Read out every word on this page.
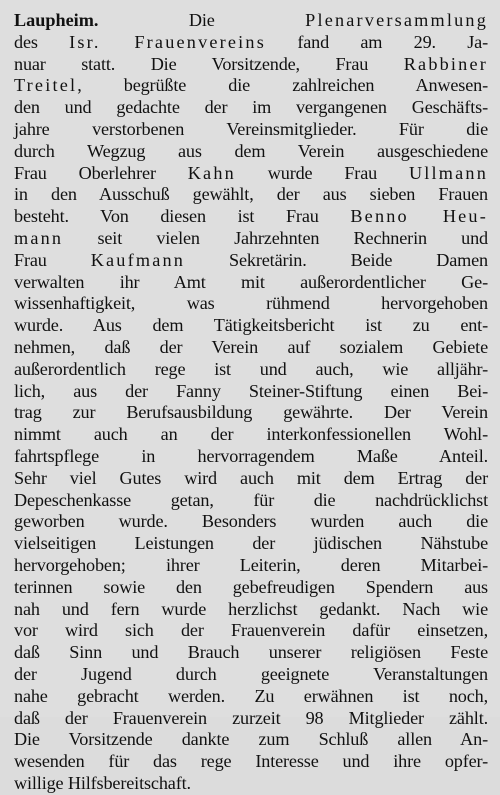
Laupheim. Die Plenarversammlung
des Isr. Frauenvereins fand am 29. Ja-
nuar statt. Die Vorsitzende, Frau Rabbiner
Treitel, begrüßte die zahlreichen Anwesen-
den und gedachte der im vergangenen Geschäfts-
jahre verstorbenen Vereinsmitglieder. Für die
durch Wegzug aus dem Verein ausgeschiedene
Frau Oberlehrer Kahn wurde Frau Ullmann
in den Ausschuß gewählt, der aus sieben Frauen
besteht. Von diesen ist Frau Benno Heu-
mann seit vielen Jahrzehnten Rechnerin und
Frau Kaufmann Sekretärin. Beide Damen
verwalten ihr Amt mit außerordentlicher Ge-
wissenhaftigkeit, was rühmend hervorgehoben
wurde. Aus dem Tätigkeitsbericht ist zu ent-
nehmen, daß der Verein auf sozialem Gebiete
außerordentlich rege ist und auch, wie alljähr-
lich, aus der Fanny Steiner-Stiftung einen Bei-
trag zur Berufsausbildung gewährte. Der Verein
nimmt auch an der interkonfessionellen Wohl-
fahrtspflege in hervorragendem Maße Anteil.
Sehr viel Gutes wird auch mit dem Ertrag der
Depeschenkasse getan, für die nachdrücklichst
geworben wurde. Besonders wurden auch die
vielseitigen Leistungen der jüdischen Nähstube
hervorgehoben; ihrer Leiterin, deren Mitarbei-
terinnen sowie den gebefreudigen Spendern aus
nah und fern wurde herzlichst gedankt. Nach wie
vor wird sich der Frauenverein dafür einsetzen,
daß Sinn und Brauch unserer religiösen Feste
der Jugend durch geeignete Veranstaltungen
nahe gebracht werden. Zu erwähnen ist noch,
daß der Frauenverein zurzeit 98 Mitglieder zählt.
Die Vorsitzende dankte zum Schluß allen An-
wesenden für das rege Interesse und ihre opfer-
willige Hilfsbereitschaft.
